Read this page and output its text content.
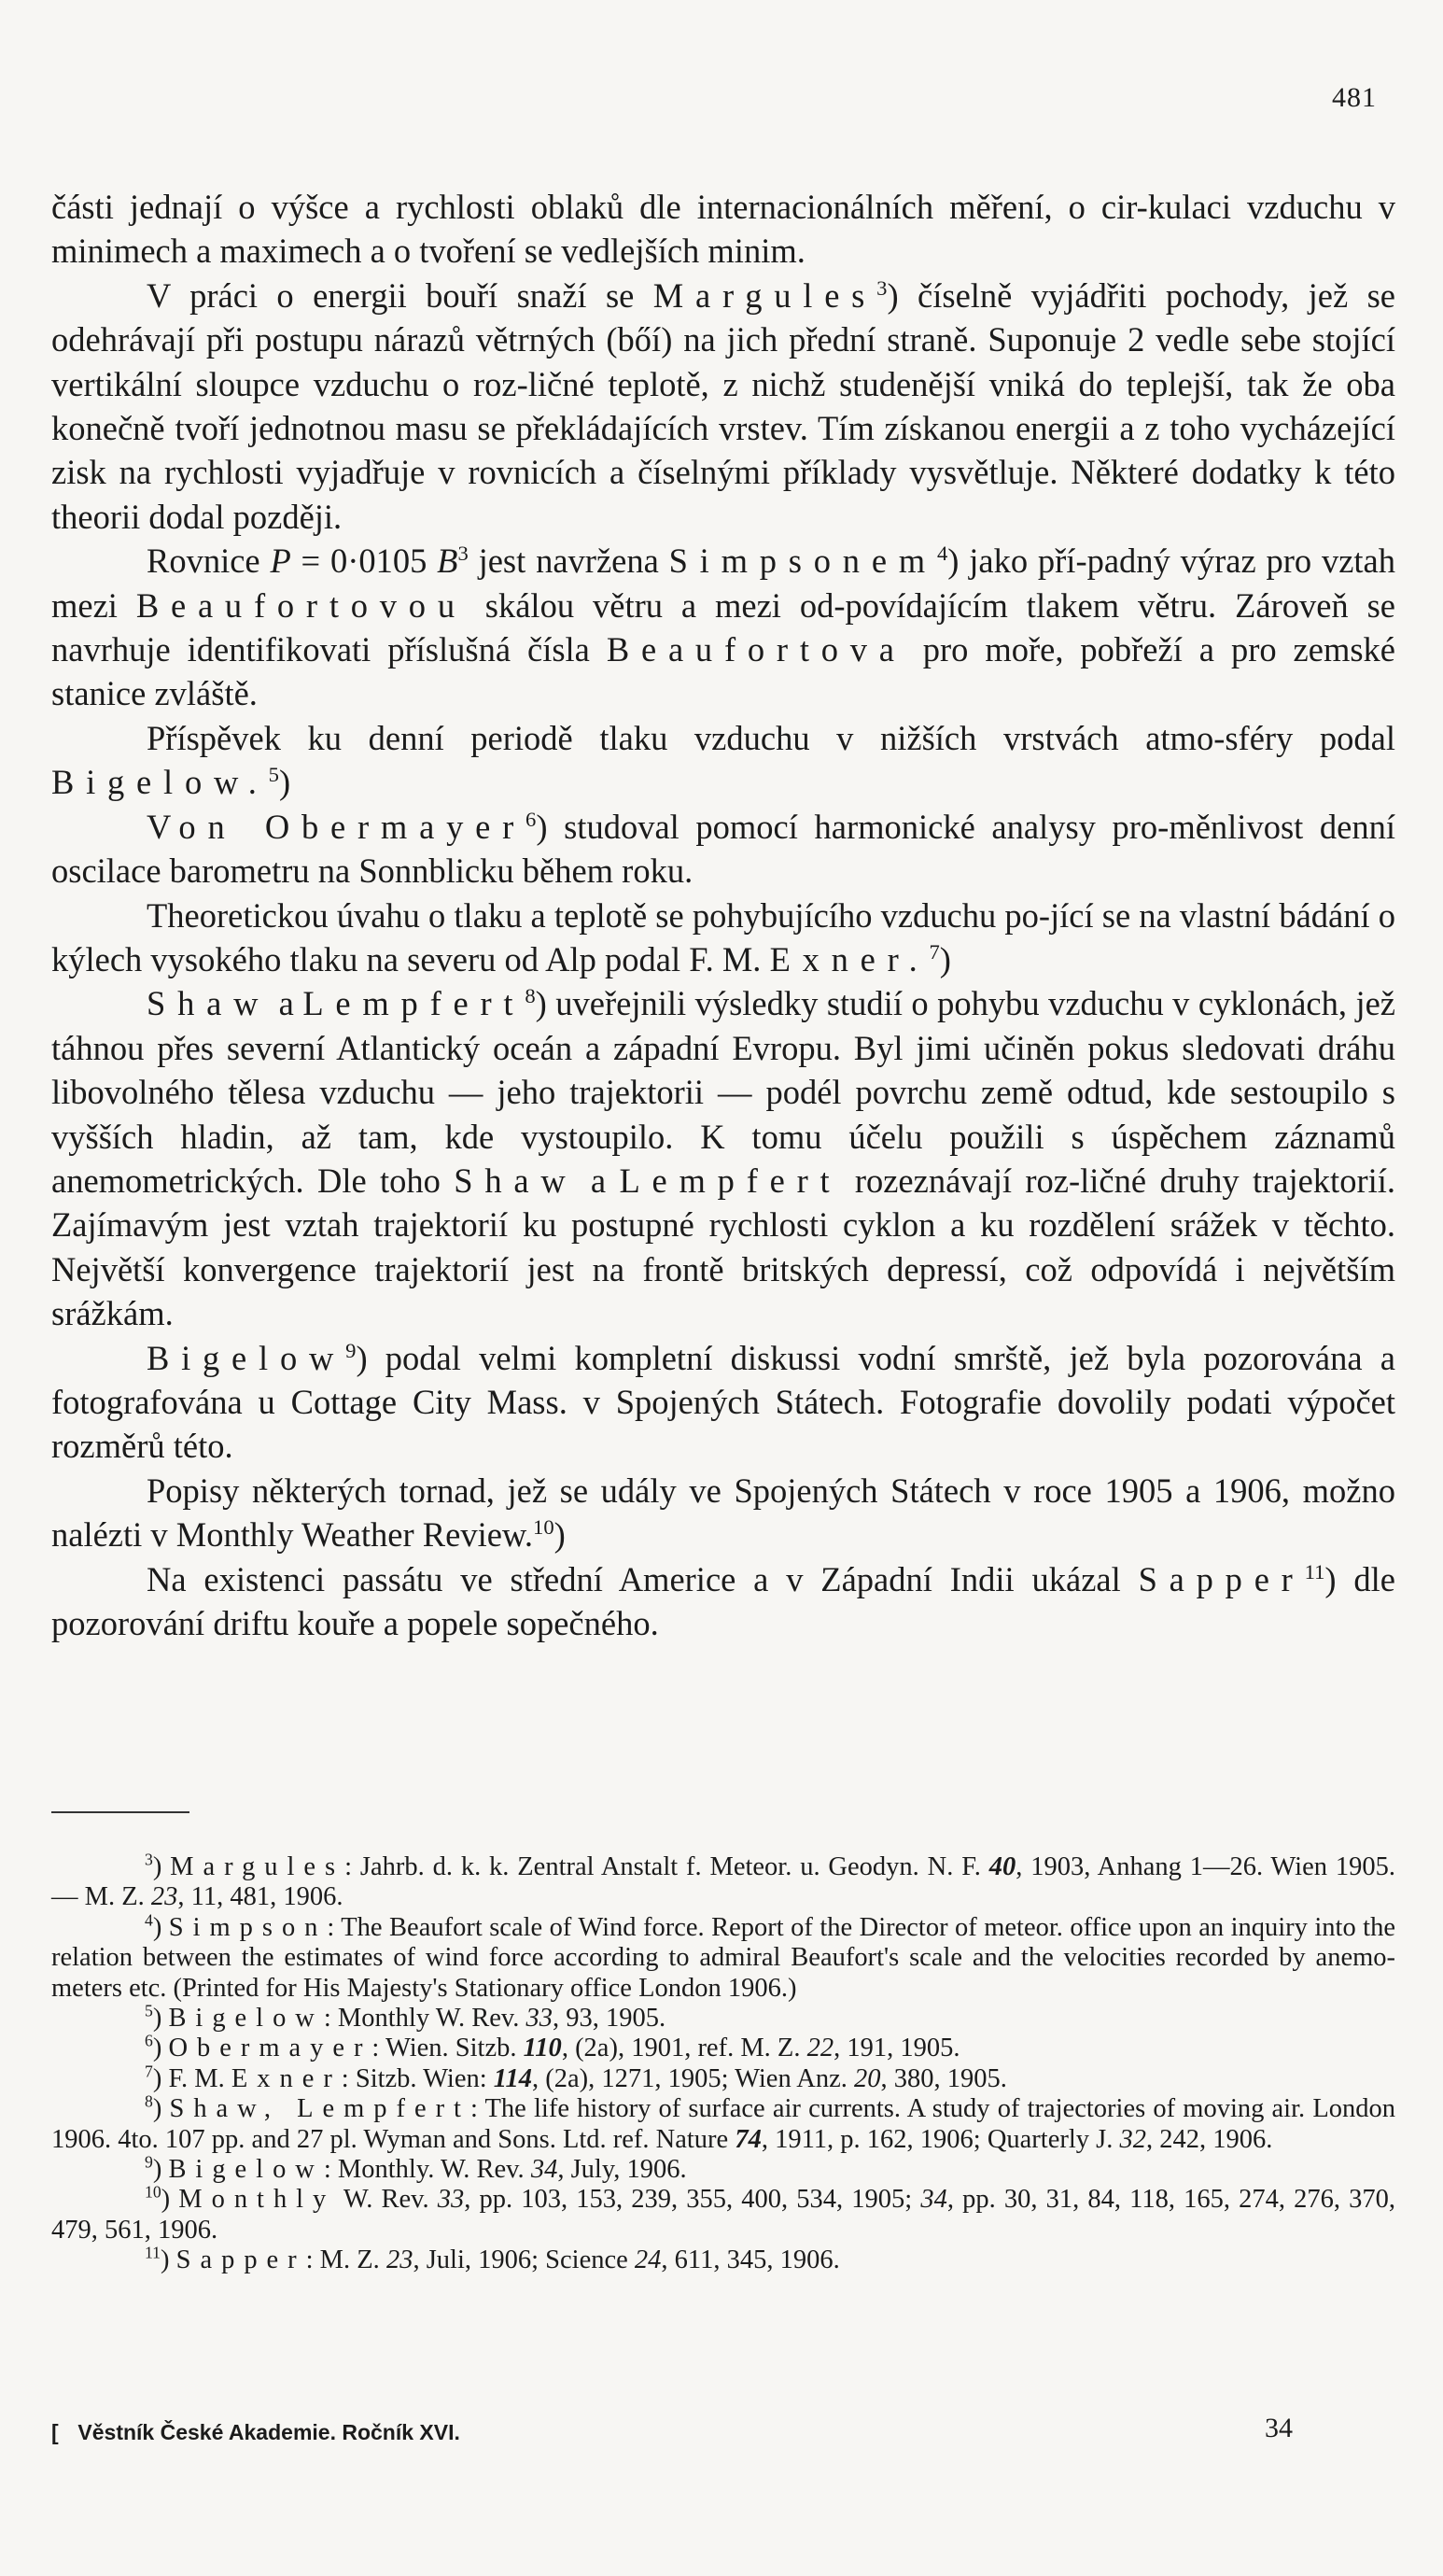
481

části jednají o výšce a rychlosti oblaků dle internacionálních měření, o cir-kulaci vzduchu v minimech a maximech a o tvoření se vedlejších minim.

V práci o energii bouří snaží se Margules$^3$) číselně vyjádřiti pochody, jež se odehrávají při postupu nárazů větrných (bőí) na jich přední straně. Suponuje 2 vedle sebe stojící vertikální sloupce vzduchu o roz-ličné teplotě, z nichž studenější vniká do teplejší, tak že oba konečně tvoří jednotnou masu se překládajících vrstev. Tím získanou energii a z toho vycházející zisk na rychlosti vyjadřuje v rovnicích a číselnými příklady vysvětluje. Některé dodatky k této theorii dodal později.

Rovnice P = 0·0105 $B^3$ jest navržena Simpsonem$^4$) jako pří-padný výraz pro vztah mezi Beaufortovou skálou větru a mezi od-povídajícím tlakem větru. Zároveň se navrhuje identifikovati příslušná čísla Beaufortova pro moře, pobřeží a pro zemské stanice zvláště.

Příspěvek ku denní periodě tlaku vzduchu v nižších vrstvách atmo-sféry podal Bigelow.$^5$)

Von Obermayer$^6$) studoval pomocí harmonické analysy pro-měnlivost denní oscilace barometru na Sonnblicku během roku.

Theoretickou úvahu o tlaku a teplotě se pohybujícího vzduchu po-jící se na vlastní bádání o kýlech vysokého tlaku na severu od Alp podal F. M. Exner.$^7$)

Shaw a Lempfert$^8$) uveřejnili výsledky studií o pohybu vzduchu v cyklonách, jež táhnou přes severní Atlantický oceán a západní Evropu. Byl jimi učiněn pokus sledovati dráhu libovolného tělesa vzduchu — jeho trajektorii — podél povrchu země odtud, kde sestoupilo s vyšších hladin, až tam, kde vystoupilo. K tomu účelu použili s úspěchem záznamů anemometrických. Dle toho Shaw a Lempfert rozeznávají roz-ličné druhy trajektorií. Zajímavým jest vztah trajektorií ku postupné rychlosti cyklon a ku rozdělení srážek v těchto. Největší konvergence trajektorií jest na frontě britských depressí, což odpovídá i největším srážkám.

Bigelow$^9$) podal velmi kompletní diskussi vodní smrště, jež byla pozorována a fotografována u Cottage City Mass. v Spojených Státech. Fotografie dovolily podati výpočet rozměrů této.

Popisy některých tornad, jež se udály ve Spojených Státech v roce 1905 a 1906, možno nalézti v Monthly Weather Review.$^{10}$)

Na existenci passátu ve střední Americe a v Západní Indii ukázal Sapper$^{11}$) dle pozorování driftu kouře a popele sopečného.

$^3$) Margules: Jahrb. d. k. k. Zentral Anstalt f. Meteor. u. Geodyn. N. F. 40, 1903, Anhang 1—26. Wien 1905. — M. Z. 23, 11, 481, 1906.

$^4$) Simpson: The Beaufort scale of Wind force. Report of the Director of meteor. office upon an inquiry into the relation between the estimates of wind force according to admiral Beaufort's scale and the velocities recorded by anemo-meters etc. (Printed for His Majesty's Stationary office London 1906.)

$^5$) Bigelow: Monthly W. Rev. 33, 93, 1905.

$^6$) Obermayer: Wien. Sitzb. 110, (2a), 1901, ref. M. Z. 22, 191, 1905.

$^7$) F. M. Exner: Sitzb. Wien: 114, (2a), 1271, 1905; Wien Anz. 20, 380, 1905.

$^8$) Shaw, Lempfert: The life history of surface air currents. A study of trajectories of moving air. London 1906. 4to. 107 pp. and 27 pl. Wyman and Sons. Ltd. ref. Nature 74, 1911, p. 162, 1906; Quarterly J. 32, 242, 1906.

$^9$) Bigelow: Monthly. W. Rev. 34, July, 1906.

$^{10}$) Monthly W. Rev. 33, pp. 103, 153, 239, 355, 400, 534, 1905; 34, pp. 30, 31, 84, 118, 165, 274, 276, 370, 479, 561, 1906.

$^{11}$) Sapper: M. Z. 23, Juli, 1906; Science 24, 611, 345, 1906.

[ Věstník České Akademie. Ročník XVI.	34
